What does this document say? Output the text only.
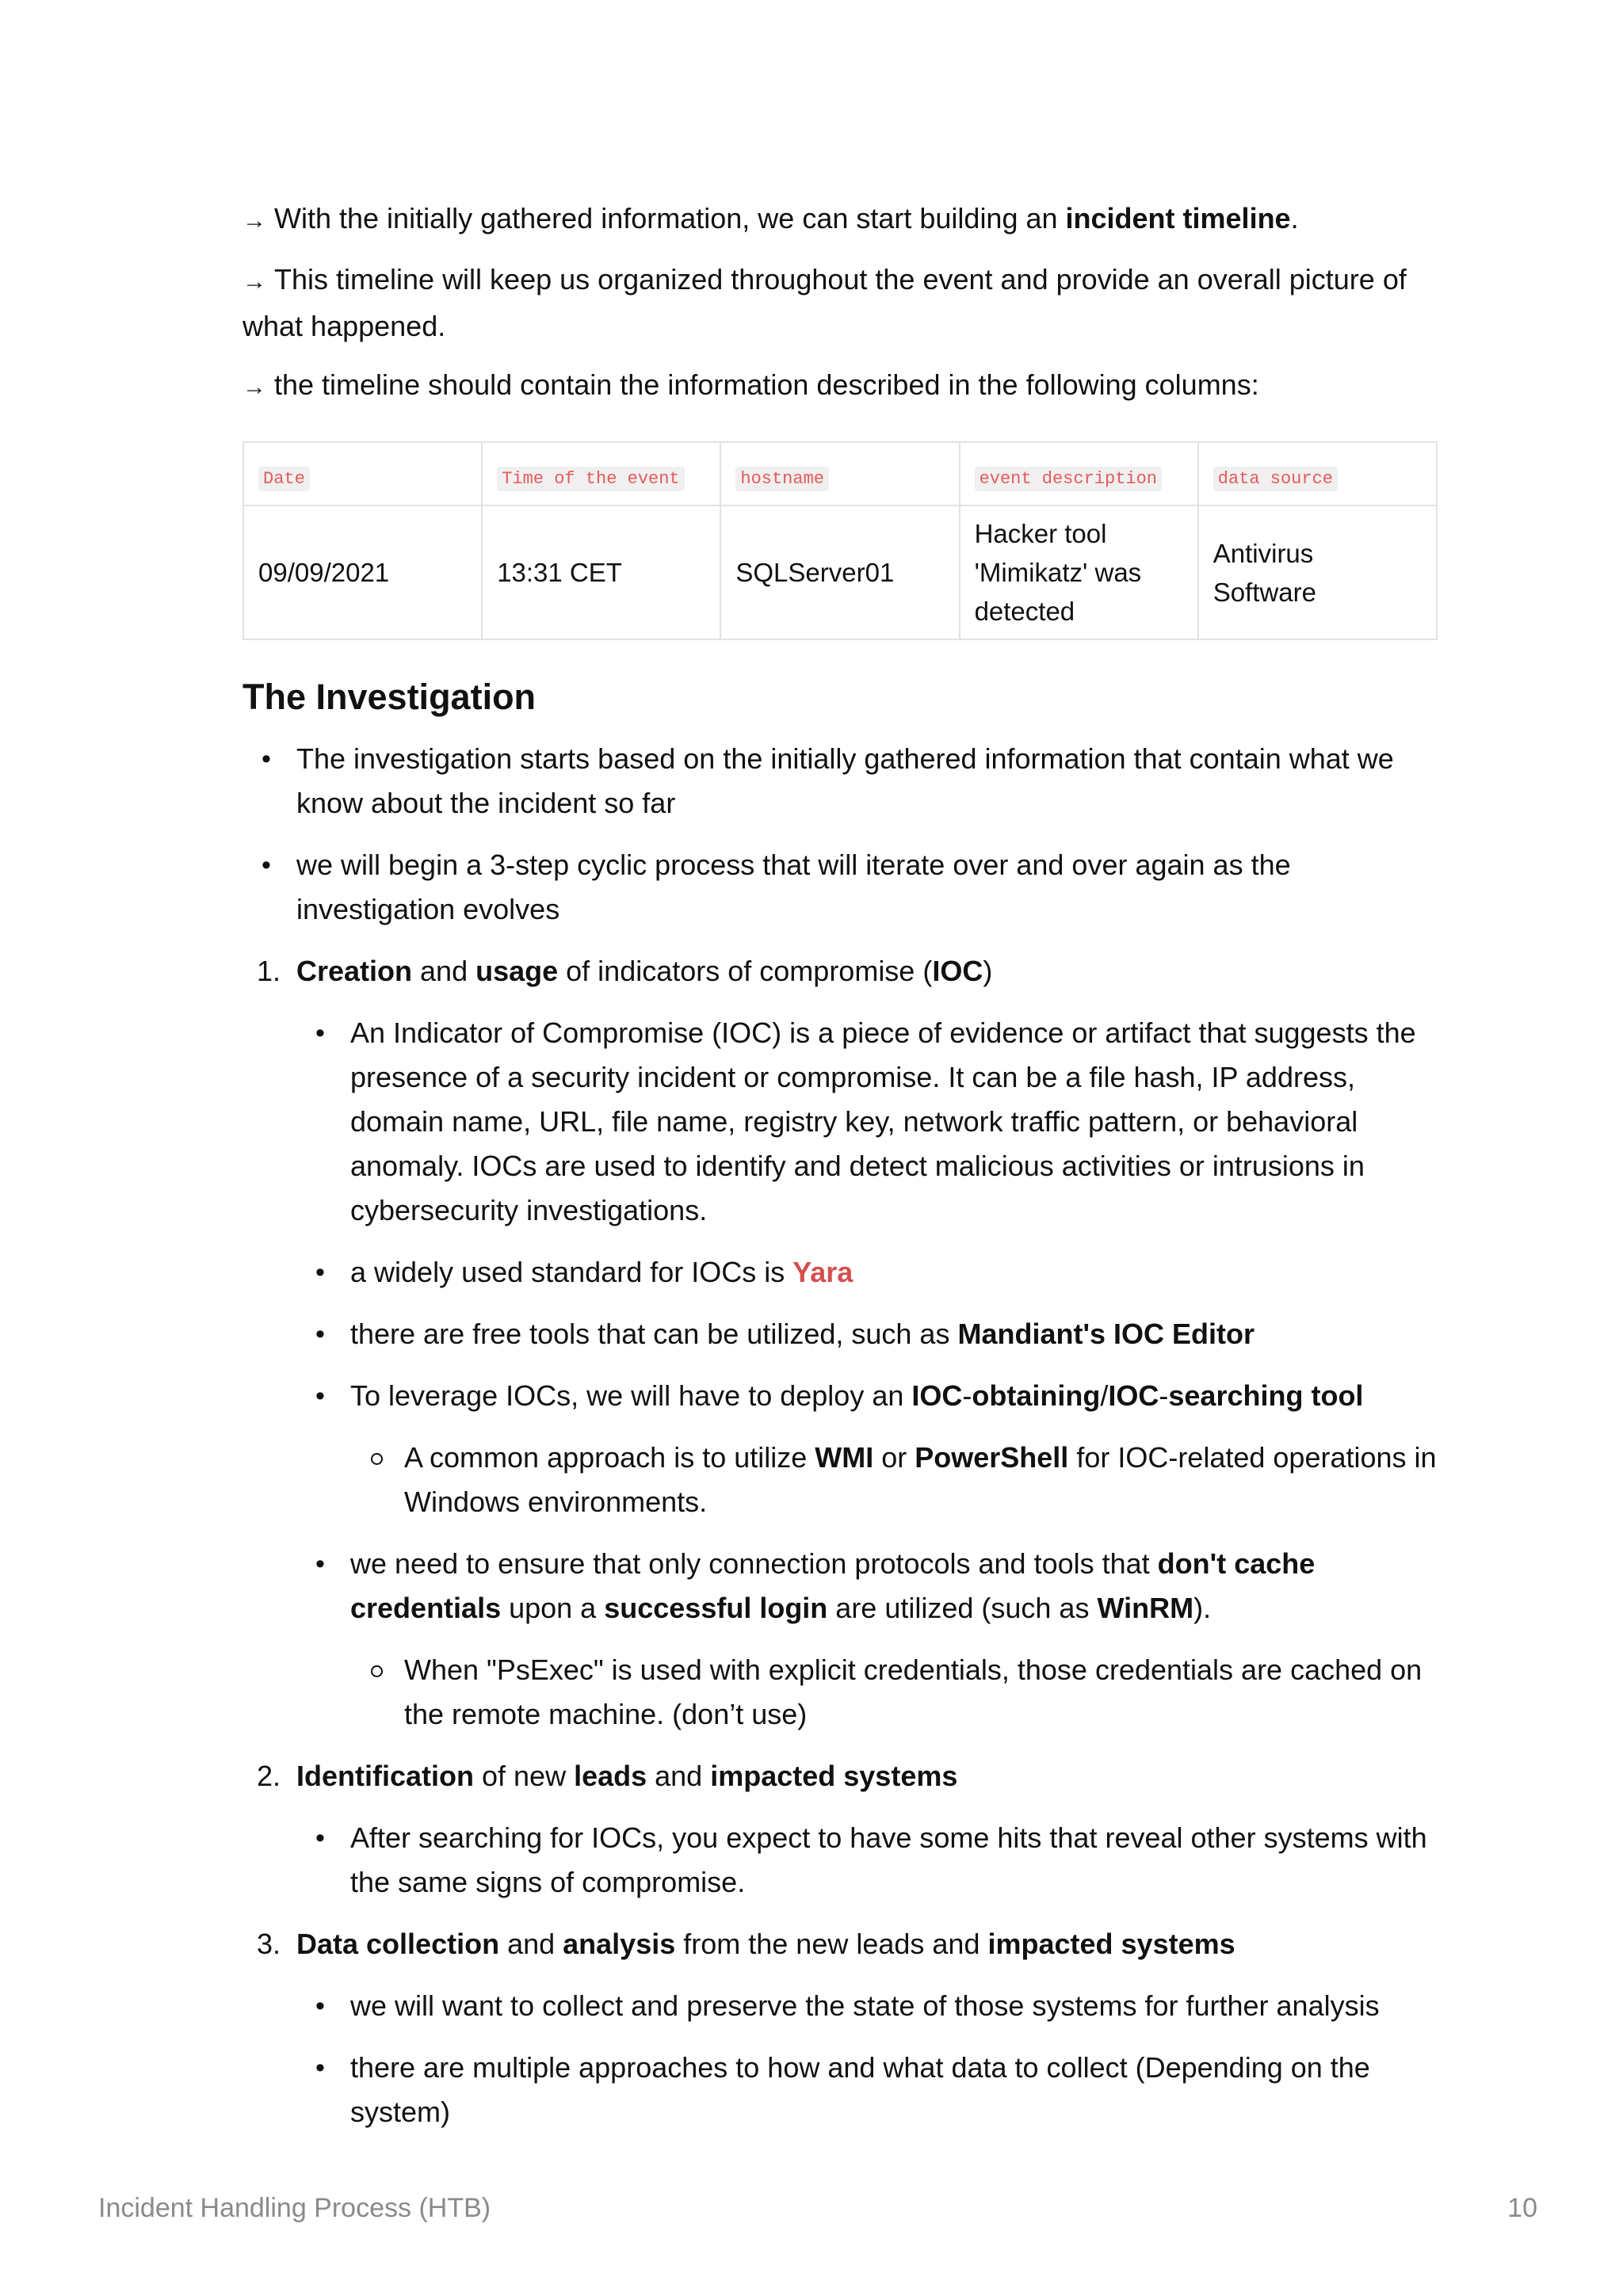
→ With the initially gathered information, we can start building an incident timeline.

→ This timeline will keep us organized throughout the event and provide an overall picture of what happened.

→ the timeline should contain the information described in the following columns:

Date	Time of the event	hostname	event description	data source
09/09/2021	13:31 CET	SQLServer01	Hacker tool 'Mimikatz' was detected	Antivirus Software
The Investigation
• The investigation starts based on the initially gathered information that contain what we know about the incident so far
• we will begin a 3-step cyclic process that will iterate over and over again as the investigation evolves
1. Creation and usage of indicators of compromise (IOC)
• An Indicator of Compromise (IOC) is a piece of evidence or artifact that suggests the presence of a security incident or compromise. It can be a file hash, IP address, domain name, URL, file name, registry key, network traffic pattern, or behavioral anomaly. IOCs are used to identify and detect malicious activities or intrusions in cybersecurity investigations.
• a widely used standard for IOCs is Yara
• there are free tools that can be utilized, such as Mandiant's IOC Editor
• To leverage IOCs, we will have to deploy an IOC-obtaining/IOC-searching tool
A common approach is to utilize WMI or PowerShell for IOC-related operations in Windows environments.
• we need to ensure that only connection protocols and tools that don't cache credentials upon a successful login are utilized (such as WinRM).
When "PsExec" is used with explicit credentials, those credentials are cached on the remote machine. (don’t use)
2. Identification of new leads and impacted systems
• After searching for IOCs, you expect to have some hits that reveal other systems with the same signs of compromise.
3. Data collection and analysis from the new leads and impacted systems
• we will want to collect and preserve the state of those systems for further analysis
• there are multiple approaches to how and what data to collect (Depending on the system)
Incident Handling Process (HTB)	10
